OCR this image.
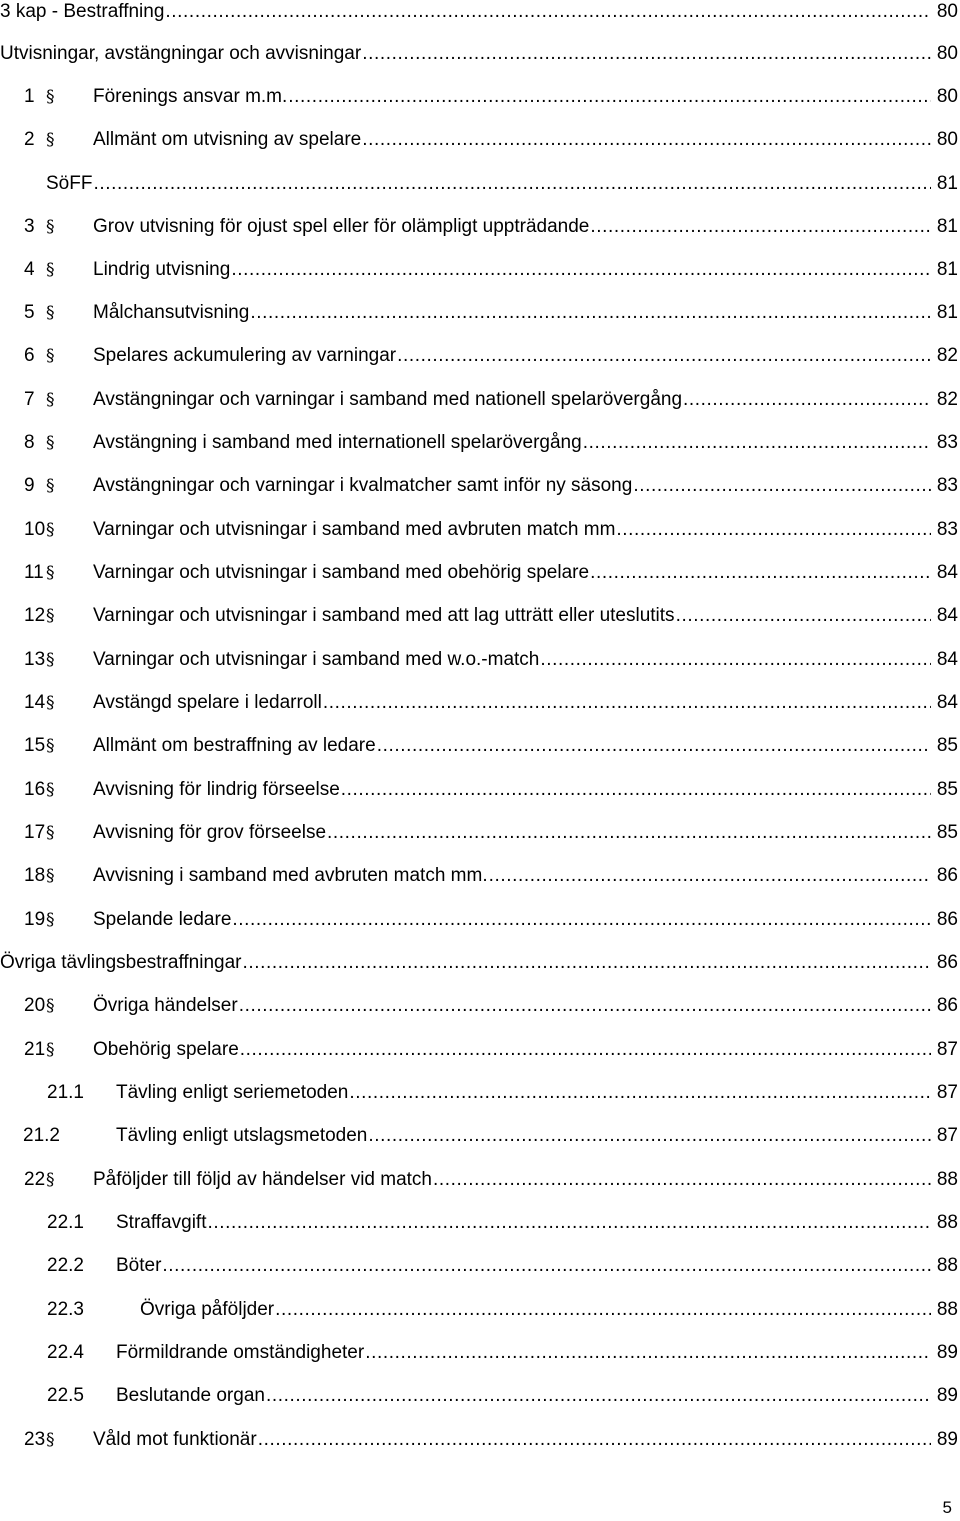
3 kap - Bestraffning .....	80
Utvisningar, avstängningar och avvisningar .....	80
1 §	Förenings ansvar m.m. .....	80
2 §	Allmänt om utvisning av spelare .....	80
SöFF .....	81
3 §	Grov utvisning för ojust spel eller för olämpligt uppträdande .....	81
4 §	Lindrig utvisning .....	81
5 §	Målchansutvisning .....	81
6 §	Spelares ackumulering av varningar .....	82
7 §	Avstängningar och varningar i samband med nationell spelarövergång .....	82
8 §	Avstängning i samband med internationell spelarövergång .....	83
9 §	Avstängningar och varningar i kvalmatcher samt inför ny säsong .....	83
10 §	Varningar och utvisningar i samband med avbruten match mm .....	83
11 §	Varningar och utvisningar i samband med obehörig spelare .....	84
12 §	Varningar och utvisningar i samband med att lag utträtt eller uteslutits .....	84
13 §	Varningar och utvisningar i samband med w.o.-match .....	84
14 §	Avstängd spelare i ledarroll .....	84
15 §	Allmänt om bestraffning av ledare .....	85
16 §	Avvisning för lindrig förseelse .....	85
17 §	Avvisning för grov förseelse .....	85
18 §	Avvisning i samband med avbruten match mm. .....	86
19 §	Spelande ledare .....	86
Övriga tävlingsbestraffningar .....	86
20 §	Övriga händelser .....	86
21 §	Obehörig spelare .....	87
21.1	Tävling enligt seriemetoden .....	87
21.2	Tävling enligt utslagsmetoden .....	87
22 §	Påföljder till följd av händelser vid match .....	88
22.1	Straffavgift .....	88
22.2	Böter .....	88
22.3	Övriga påföljder .....	88
22.4	Förmildrande omständigheter .....	89
22.5	Beslutande organ .....	89
23 §	Våld mot funktionär .....	89
5
